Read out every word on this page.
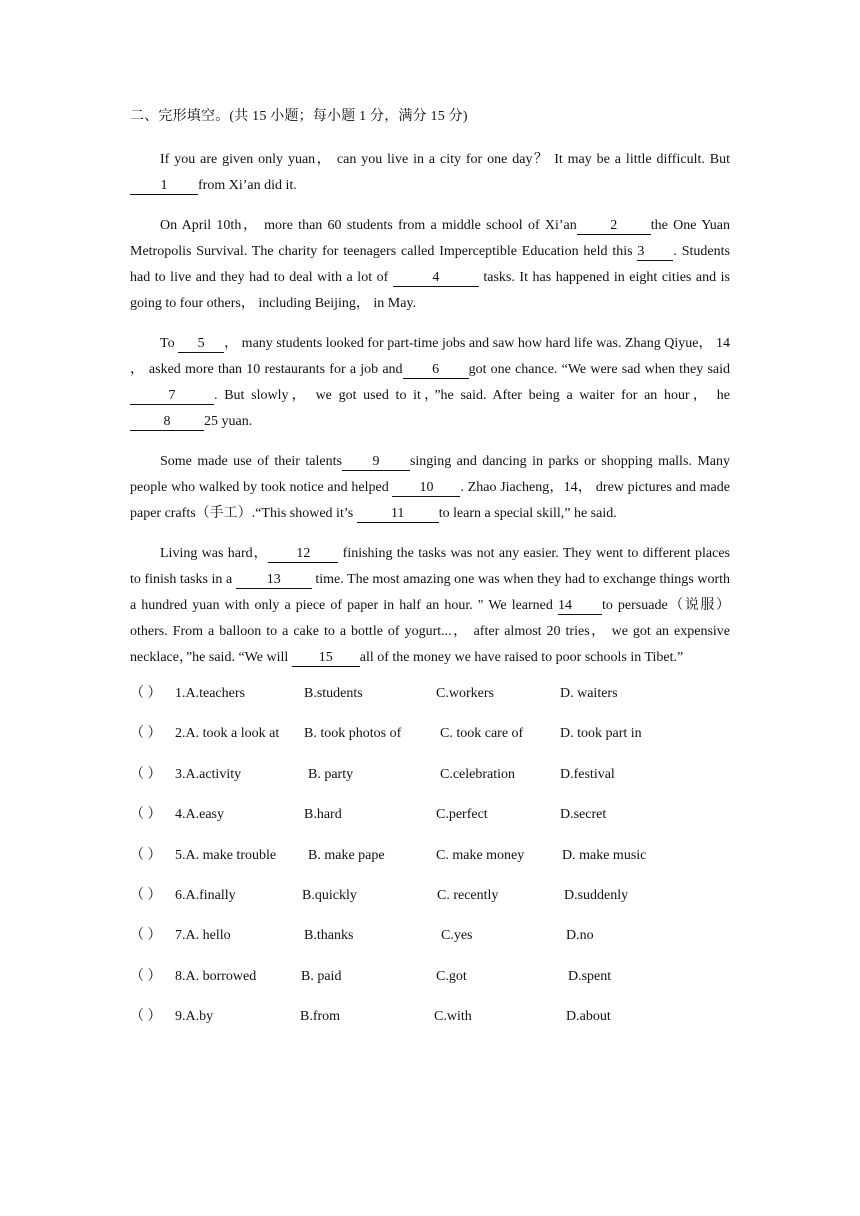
二、完形填空。(共 15 小题；每小题 1 分，满分 15 分)

If you are given only yuan， can you live in a city for one day？ It may be a little difficult. But1 from Xi’an did it.

On April 10th， more than 60 students from a middle school of Xi’an 2 the One Yuan Metropolis Survival. The charity for teenagers called Imperceptible Education held this 3 . Students had to live and they had to deal with a lot of	4	tasks. It has happened in eight cities and is going to four others， including Beijing， in May.

To 5 ， many students looked for part-time jobs and saw how hard life was. Zhang Qiyue， 14 ， asked more than 10 restaurants for a job and 6 got one chance. “We were sad when they said 7	. But slowly， we got used to it，”he said. After being a waiter for an hour， he8 25 yuan.

Some made use of their talents 9 singing and dancing in parks or shopping malls. Many people who walked by took notice and helped 10 . Zhao Jiacheng，14， drew pictures and made paper crafts（手工）.“This showed it’s 11 to learn a special skill,” he said.

Living was hard， 12 finishing the tasks was not any easier. They went to different places to finish tasks in a 13 time. The most amazing one was when they had to exchange things worth a hundred yuan with only a piece of paper in half an hour. " We learned 14 to persuade（说服）others. From a balloon to a cake to a bottle of yogurt...， after almost 20 tries， we got an expensive necklace，”he said. “We will 15 all of the money we have raised to poor schools in Tibet.”

（ ） 1.A.teachers	B.students	C.workers	D. waiters
（ ） 2.A. took a look at B. took photos of	C. took care of	D. took part in
（ ） 3.A.activity	B. party	C.celebration	D.festival
（ ） 4.A.easy	B.hard	C.perfect	D.secret
（ ） 5.A. make trouble B. make pape	C. make money	D. make music
（ ） 6.A.finally	B.quickly	C. recently	D.suddenly
（ ） 7.A. hello	B.thanks	C.yes	D.no
（ ） 8.A. borrowed	B. paid	C.got	D.spent
（ ） 9.A.by	B.from	C.with	D.about
